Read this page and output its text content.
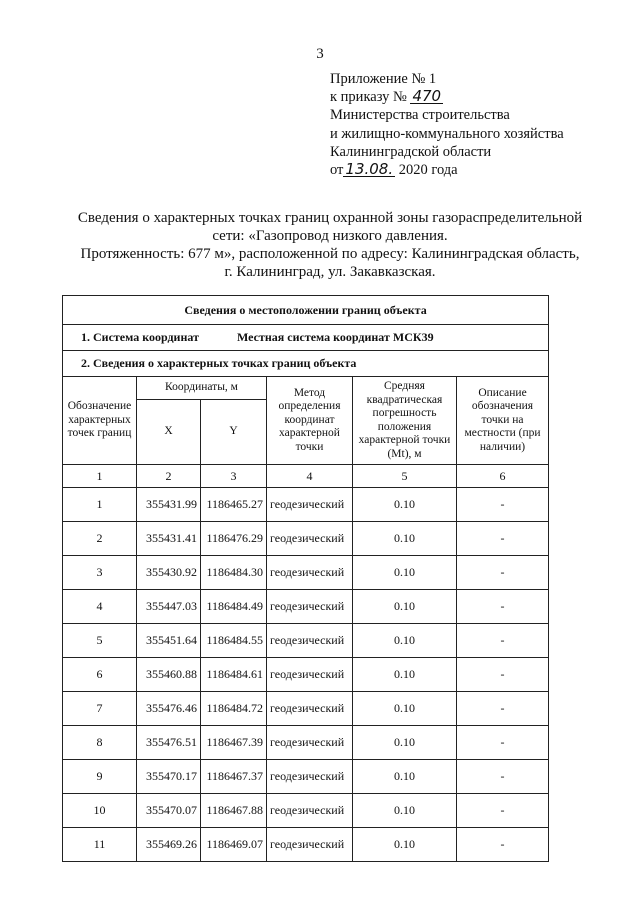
3
Приложение № 1
к приказу № 470
Министерства строительства
и жилищно-коммунального хозяйства
Калининградской области
от 13.08. 2020 года
Сведения о характерных точках границ охранной зоны газораспределительной
сети: «Газопровод низкого давления.
Протяженность: 677 м», расположенной по адресу: Калининградская область,
г. Калининград, ул. Закавказская.
Сведения о местоположении границ объекта					
1. Система координат Местная система координат МСК39					
2. Сведения о характерных точках границ объекта					
Обозначение характерных точек границ	Координаты, м		Метод определения координат характерной точки	Средняя квадратическая погрешность положения характерной точки (Mt), м	Описание обозначения точки на местности (при наличии)
	X	Y			
1	2	3	4	5	6
1	355431.99	1186465.27	геодезический	0.10	-
2	355431.41	1186476.29	геодезический	0.10	-
3	355430.92	1186484.30	геодезический	0.10	-
4	355447.03	1186484.49	геодезический	0.10	-
5	355451.64	1186484.55	геодезический	0.10	-
6	355460.88	1186484.61	геодезический	0.10	-
7	355476.46	1186484.72	геодезический	0.10	-
8	355476.51	1186467.39	геодезический	0.10	-
9	355470.17	1186467.37	геодезический	0.10	-
10	355470.07	1186467.88	геодезический	0.10	-
11	355469.26	1186469.07	геодезический	0.10	-
